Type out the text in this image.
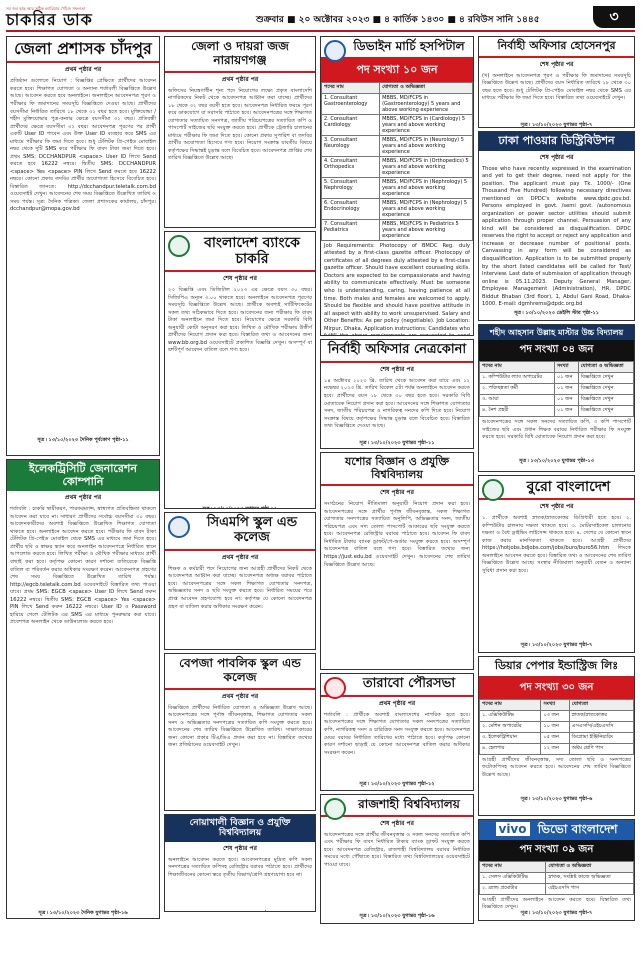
সব জব ছাড় আর সঠিক ক্যারিয়ার খোঁজে সফলতা
চাকরির ডাক	শুক্রবার ■ ২০ অক্টোবর ২০২৩ ■ ৪ কার্তিক ১৪৩০ ■ ৪ রবিউস সানি ১৪৪৫	৩
জেলা প্রশাসক চাঁদপুর
প্রথম পৃষ্ঠার পর
প্রতিষ্ঠান গুলোতে নিয়োগ : বিজ্ঞপ্তির প্রেক্ষিতে প্রার্থীদের আবেদন করতে হবে। শিক্ষাগত যোগ্যতা ও অন্যান্য শর্তাবলী বিজ্ঞপ্তিতে উল্লেখ আছে। আবেদন করতে হবে অনলাইনে। অনলাইনে আবেদনপত্র পূরণ ও পরীক্ষার ফি জমাদানের সময়সূচি বিজ্ঞপ্তিতে দেওয়া আছে। প্রার্থীদের বয়সসীমা নির্ধারিত তারিখে ১৮ থেকে ৩২ বছর হতে হবে। মুক্তিযোদ্ধা / শহীদ মুক্তিযোদ্ধার পুত্র-কন্যার ক্ষেত্রে বয়সসীমা ৩২ বছর। প্রতিবন্ধী প্রার্থীদের ক্ষেত্রে বয়সসীমা ৩২ বছর। আবেদনপত্র পূরণের পর প্রার্থী একটি User ID পাবেন এবং উক্ত User ID ব্যবহার করে SMS এর মাধ্যমে পরীক্ষার ফি জমা দিতে হবে। শুধু টেলিটক প্রি-পেইড মোবাইল নম্বর থেকে দুটি SMS করে পরীক্ষার ফি বাবদ টাকা জমা দিতে হবে। প্রথম SMS: DCCHANDPUR <space> User ID লিখে Send করতে হবে 16222 নম্বরে। দ্বিতীয় SMS: DCCHANDPUR <space> Yes <space> PIN লিখে Send করতে হবে 16222 নম্বরে। কোনো প্রকার তদবির প্রার্থীর অযোগ্যতা হিসেবে বিবেচিত হবে। বিস্তারিত জানতে: http://dcchandpur.teletalk.com.bd ওয়েবসাইট দেখুন। আবেদনের শেষ সময় বিজ্ঞপ্তিতে উল্লেখিত তারিখ ও সময় পর্যন্ত। সূত্র: দৈনিক পত্রিকা। জেলা প্রশাসকের কার্যালয়, চাঁদপুর। dcchandpur@mopa.gov.bd
সূত্র ৷ ১৩/১০/২০২৩ দৈনিক পূর্বকোণ পৃষ্ঠা-১১
ইলেকট্রিসিটি জেনারেশন কোম্পানি
প্রথম পৃষ্ঠার পর
শর্তাবলি : চাকরি স্থায়ীকরণ, পারফরম্যান্স, স্বাস্থ্যগত প্রতিবন্ধিতা থাকলে আবেদন করা যাবে না। সাধারণ প্রার্থীদের সর্বোচ্চ বয়সসীমা ৩০ বছর। আবেদনকারীদের অবশ্যই বিজ্ঞপ্তিতে উল্লেখিত শিক্ষাগত যোগ্যতা থাকতে হবে। অনলাইনে আবেদন করতে হবে। পরীক্ষার ফি বাবদ টাকা টেলিটক প্রি-পেইড মোবাইল থেকে SMS এর মাধ্যমে জমা দিতে হবে। প্রার্থীর ছবি ও স্বাক্ষর স্ক্যান করে অনলাইন আবেদনপত্রে নির্ধারিত স্থানে আপলোড করতে হবে। লিখিত পরীক্ষা ও মৌখিক পরীক্ষার মাধ্যমে প্রার্থী বাছাই করা হবে। কর্তৃপক্ষ কোনো কারণ দর্শানো ব্যতিরেকে বিজ্ঞপ্তি বাতিল বা পরিবর্তন করার অধিকার সংরক্ষণ করেন। আবেদনপত্র গ্রহণের শেষ সময় বিজ্ঞপ্তিতে উল্লেখিত তারিখ পর্যন্ত। http://egcb.teletalk.com.bd ওয়েবসাইটে বিস্তারিত তথ্য পাওয়া যাবে। প্রথম SMS: EGCB <space> User ID লিখে Send করুন 16222 নম্বরে। দ্বিতীয় SMS: EGCB <space> Yes <space> PIN লিখে Send করুন 16222 নম্বরে। User ID ও Password হারিয়ে গেলে টেলিটক এর SMS এর মাধ্যমে পুনরুদ্ধার করা যাবে। প্রবেশপত্র অনলাইন থেকে ডাউনলোড করতে হবে।
সূত্র ৷ ১৩/১০/২০২৩ দৈনিক যুগান্তর পৃষ্ঠা-১৬
জেলা ও দায়রা জজ নারায়ণগঞ্জ
প্রথম পৃষ্ঠার পর
অফিসের নিয়ন্ত্রণাধীন শূন্য পদে নিয়োগের লক্ষ্যে প্রকৃত বাংলাদেশি নাগরিকদের নিকট থেকে আবেদনপত্র আহ্বান করা যাচ্ছে। প্রার্থীদের ১৮ থেকে ৩২ বছর বয়সী হতে হবে। আবেদনপত্র নির্ধারিত ফরমে পূরণ করে ডাকযোগে বা সরাসরি পাঠাতে হবে। আবেদনপত্রের সঙ্গে শিক্ষাগত যোগ্যতার সত্যায়িত সনদপত্র, জাতীয় পরিচয়পত্রের সত্যায়িত কপি ও পাসপোর্ট সাইজের ছবি সংযুক্ত করতে হবে। প্রার্থীকে ট্রেজারি চালানের মাধ্যমে পরীক্ষার ফি জমা দিতে হবে। কোনো প্রকার সুপারিশ বা তদবির প্রার্থীর অযোগ্যতা হিসেবে গণ্য হবে। নিয়োগ সংক্রান্ত যাবতীয় বিষয়ে কর্তৃপক্ষের সিদ্ধান্তই চূড়ান্ত বলে বিবেচিত হবে। আবেদনপত্র প্রাপ্তির শেষ তারিখ বিজ্ঞপ্তিতে উল্লেখ আছে।
বাংলাদেশ ব্যাংকে চাকরি
শেষ পৃষ্ঠার পর
২৩ বিজ্ঞপ্তি এবং ডিজিটাল ২০২৩ এর ক্ষেত্রে বয়স ৩০ বছর। সিজিপিএ অন্যূন ৩.০০ থাকতে হবে। অনলাইনে আবেদনপত্র পূরণের সময়সূচি বিজ্ঞপ্তিতে উল্লেখ আছে। প্রার্থীকে অবশ্যই সার্টিফিকেটের সকল তথ্য সঠিকভাবে দিতে হবে। আবেদনের জন্য পরীক্ষার ফি বাবদ টাকা অনলাইনে জমা দিতে হবে। নিয়োগের ক্ষেত্রে সরকারি বিধি অনুযায়ী কোটা অনুসরণ করা হবে। লিখিত ও মৌখিক পরীক্ষায় উত্তীর্ণ প্রার্থীদের নিয়োগ প্রদান করা হবে। বিস্তারিত তথ্য ও আবেদনের জন্য www.bb.org.bd ওয়েবসাইটে প্রকাশিত বিজ্ঞপ্তি দেখুন। অসম্পূর্ণ বা ত্রুটিপূর্ণ আবেদন বাতিল বলে গণ্য হবে।
সিএমপি স্কুল এন্ড কলেজ
প্রথম পৃষ্ঠার পর
শিক্ষক ও কর্মচারী পদে নিয়োগের জন্য আগ্রহী প্রার্থীদের নিকট থেকে আবেদনপত্র আহ্বান করা যাচ্ছে। আবেদনপত্র অধ্যক্ষ বরাবর পাঠাতে হবে। আবেদনপত্রের সঙ্গে সকল শিক্ষাগত যোগ্যতার সনদপত্র, অভিজ্ঞতার সনদ ও ছবি সংযুক্ত করতে হবে। নির্ধারিত সময়ের পরে প্রাপ্ত আবেদন গ্রহণযোগ্য হবে না। কর্তৃপক্ষ যে কোনো আবেদনপত্র গ্রহণ বা বাতিল করার অধিকার সংরক্ষণ করেন।
বেপজা পাবলিক স্কুল এন্ড কলেজ
প্রথম পৃষ্ঠার পর
বিজ্ঞপ্তিতে প্রার্থীদের নির্ধারিত যোগ্যতা ও অভিজ্ঞতা উল্লেখ আছে। আবেদনপত্রের সঙ্গে পূর্ণাঙ্গ জীবনবৃত্তান্ত, শিক্ষাগত যোগ্যতার সকল সনদ ও অভিজ্ঞতার সনদপত্রের সত্যায়িত কপি সংযুক্ত করতে হবে। আবেদনের শেষ তারিখ বিজ্ঞপ্তিতে উল্লেখিত তারিখ। সাক্ষাৎকারের জন্য কোনো প্রকার টিএ/ডিএ প্রদান করা হবে না। বিস্তারিত তথ্যের জন্য প্রতিষ্ঠানের ওয়েবসাইট দেখুন।
নোয়াখালী বিজ্ঞান ও প্রযুক্তি বিশ্ববিদ্যালয়
শেষ পৃষ্ঠার পর
অনলাইনে আবেদন করতে হবে। আবেদনপত্রের মুদ্রিত কপি সকল সনদপত্রের সত্যায়িত কপিসহ রেজিস্ট্রার বরাবর পাঠাতে হবে। প্রার্থীদের শিক্ষাজীবনের কোনো স্তরে তৃতীয় বিভাগ/শ্রেণি গ্রহণযোগ্য হবে না।
ডিভাইন মার্চি হসপিটাল
পদ সংখ্যা ১০ জন
পদের নাম	যোগ্যতা ও অভিজ্ঞতা
1. Consultant Gastroenterology	MBBS, MD/FCPS in (Gastroenterology) 5 years and above working experience
2. Consultant Cardiology	MBBS, MD/FCPS in (Cardiology) 5 years and above working experience
3. Consultant Neurology	MBBS, MD/FCPS in (Neurology) 5 years and above working experience
4. Consultant Orthopedics	MBBS, MD/FCPS in (Orthopedics) 5 years and above working experience
5. Consultant Nephrology	MBBS, MD/FCPS in (Nephrology) 5 years and above working experience
6. Consultant Endocrinology	MBBS, MD/FCPS in (Nephrology) 5 years and above working experience
7. Consultant Pediatrics	MBBS, MD/FCPS in Pediatrics 5 years and above working experience
Job Requirements: Photocopy of BMDC Reg. duly attested by a first-class gazette officer. Photocopy of certificates of all degrees duly attested by a first-class gazette officer. Should have excellent counseling skills. Doctors are expected to be compassionate and having ability to communicate effectively. Must be someone who is understanding, caring, having patience at all time. Both males and females are welcomed to apply. Should be flexible and should have positive attitude in all aspect with ability to work unsupervised. Salary and Other Benefits: As per policy (negotiable). Job Location: Mirpur, Dhaka. Application instructions: Candidates who
নির্বাহী অফিসার নেত্রকোনা
শেষ পৃষ্ঠার পর
১৪ অক্টোবর ২০২৩ খ্রি. তারিখ থেকে আবেদন করা যাবে এবং ১২ নভেম্বর ২০২৩ খ্রি. তারিখ বিকেল ৫টা পর্যন্ত অনলাইনে আবেদন করতে হবে। প্রার্থীদের বয়স ১৮ থেকে ৩০ বছর হতে হবে। সরকারি বিধি মোতাবেক নিয়োগ প্রদান করা হবে। আবেদনের সঙ্গে শিক্ষাগত যোগ্যতার সনদ, জাতীয় পরিচয়পত্র ও নাগরিকত্ব সনদের কপি দিতে হবে। নিয়োগ সংক্রান্ত বিষয়ে কর্তৃপক্ষের সিদ্ধান্ত চূড়ান্ত বলে বিবেচিত হবে। বিস্তারিত তথ্য বিজ্ঞপ্তিতে দেওয়া আছে।
সূত্র ৷ ১৩/১০/২০২৩ যুগান্তর পৃষ্ঠা-১১
যশোর বিজ্ঞান ও প্রযুক্তি বিশ্ববিদ্যালয়
শেষ পৃষ্ঠার পর
সংগঠনের নিয়োগ নীতিমালা অনুযায়ী নিয়োগ প্রদান করা হবে। আবেদনপত্রের সঙ্গে প্রার্থীর পূর্ণাঙ্গ জীবনবৃত্তান্ত, সকল শিক্ষাগত যোগ্যতার সনদপত্রের সত্যায়িত অনুলিপি, অভিজ্ঞতার সনদ, জাতীয় পরিচয়পত্র এবং সদ্য তোলা পাসপোর্ট আকারের ছবি সংযুক্ত করতে হবে। আবেদনপত্র রেজিস্ট্রার বরাবর পাঠাতে হবে। আবেদন ফি বাবদ নির্ধারিত টাকার ব্যাংক ড্রাফট/পে-অর্ডার সংযুক্ত করতে হবে। অসম্পূর্ণ আবেদনপত্র বাতিল বলে গণ্য হবে। বিস্তারিত তথ্যের জন্য https://just.edu.bd ওয়েবসাইট দেখুন। আবেদনের শেষ তারিখ বিজ্ঞপ্তিতে উল্লেখ আছে।
তারাবো পৌরসভা
প্রথম পৃষ্ঠার পর
শর্তাবলি : প্রার্থীকে অবশ্যই বাংলাদেশের নাগরিক হতে হবে। আবেদনপত্রের সঙ্গে শিক্ষাগত যোগ্যতার সকল সনদপত্রের সত্যায়িত কপি, নাগরিকত্ব সনদ ও চারিত্রিক সনদ সংযুক্ত করতে হবে। আবেদনপত্র মেয়র বরাবর নির্ধারিত তারিখের মধ্যে পাঠাতে হবে। কর্তৃপক্ষ কোনো কারণ দর্শানো ছাড়াই যে কোনো আবেদনপত্র বাতিল করার অধিকার সংরক্ষণ করেন।
সূত্র ৷ ১৩/১০/২০২৩ যুগান্তর পৃষ্ঠা-১২
রাজশাহী বিশ্ববিদ্যালয়
শেষ পৃষ্ঠার পর
আবেদনপত্রের সঙ্গে প্রার্থীর জীবনবৃত্তান্ত ও সকল সনদের সত্যায়িত কপি এবং পরীক্ষার ফি বাবদ নির্ধারিত টাকার ব্যাংক ড্রাফট সংযুক্ত করতে হবে। আবেদনপত্র রেজিস্ট্রার, রাজশাহী বিশ্ববিদ্যালয় বরাবর নির্ধারিত সময়ের মধ্যে পৌঁছাতে হবে। বিস্তারিত তথ্য বিশ্ববিদ্যালয়ের ওয়েবসাইটে পাওয়া যাবে।
সূত্র ৷ ১৩/১০/২০২৩ যুগান্তর পৃষ্ঠা-১৬
নির্বাহী অফিসার হোসেনপুর
শেষ পৃষ্ঠার পর
(খ) অনলাইনে আবেদনপত্র পূরণ ও পরীক্ষার ফি জমাদানের সময়সূচি বিজ্ঞপ্তিতে উল্লেখ আছে। প্রার্থীদের বয়স নির্ধারিত তারিখে ১৮ থেকে ৩০ বছর হতে হবে। শুধু টেলিটক প্রি-পেইড মোবাইল নম্বর থেকে SMS এর মাধ্যমে পরীক্ষার ফি জমা দিতে হবে। বিস্তারিত তথ্য ওয়েবসাইটে দেখুন।
সূত্র ৷ ১৩/১০/২০২৩ যুগান্তর পৃষ্ঠা-৭
ঢাকা পাওয়ার ডিস্ট্রিবিউশন
শেষ পৃষ্ঠার পর
Those who have recently expressed in the examination and yet to get their degree, need not apply for the position. The applicant must pay Tk. 1000/- (One Thousand Five Hundred) following necessary directives mentioned on DPDC's website www.dpdc.gov.bd. Persons employed in govt. /semi govt. /autonomous organization or power sector utilities should submit application through proper channel. Persuasion of any kind will be considered as disqualification. DPDC reserves the right to accept or reject any application and increase or decrease number of positional posts. Canvassing in any form will be considered as disqualification. Application is to be submitted properly by the short listed candidates will be called for Test/ Interview. Last date of submission of application through online is 05.11.2023. Deputy General Manager, Employee Management (Administration), HR, DPDC Biddut Bhaban (3rd floor), 1, Abdul Gani Road, Dhaka-1000. E-mail: dgmhrems@dpdc.org.bd
সূত্র ৷ ১৩/১০/২০২৩ ডেইলি স্টার পৃষ্ঠা-১১
শহীদ আহসান উল্লাহ মাস্টার উচ্চ বিদ্যালয়
পদ সংখ্যা ০৪ জন
পদের নাম	সংখ্যা	যোগ্যতা ও অভিজ্ঞতা
১. কম্পিউটার ল্যাব অপারেটর	০১ জন	বিজ্ঞপ্তিতে দেখুন
২. পরিচ্ছন্নতা কর্মী	০১ জন	বিজ্ঞপ্তিতে দেখুন
৩. আয়া	০১ জন	বিজ্ঞপ্তিতে দেখুন
৪. নৈশ প্রহরী	০১ জন	বিজ্ঞপ্তিতে দেখুন
আবেদনপত্রের সঙ্গে সকল সনদের সত্যায়িত কপি, ৩ কপি পাসপোর্ট সাইজের ছবি এবং প্রধান শিক্ষক বরাবর নির্ধারিত পরীক্ষার ফি সংযুক্ত করতে হবে। সরকারি বিধি মোতাবেক নিয়োগ প্রদান করা হবে।
সূত্র ৷ ১৩/১০/২০২৩ যুগান্তর পৃষ্ঠা-১৩
বুরো বাংলাদেশ
শেষ পৃষ্ঠার পর
১. প্রার্থীকে অবশ্যই স্নাতক/স্নাতকোত্তর ডিগ্রিধারী হতে হবে। ২. কম্পিউটার চালনায় দক্ষতা থাকতে হবে। ৩. মোটরসাইকেল চালানোর দক্ষতা ও বৈধ ড্রাইভিং লাইসেন্স থাকতে হবে। ৪. দেশের যে কোনো স্থানে কাজ করার মানসিকতা থাকতে হবে। আগ্রহী প্রার্থীদের https://hotjobs.bdjobs.com/jobs/buro/buro56.htm লিংকে অনলাইনে আবেদন করতে হবে। বিস্তারিত তথ্য ও আবেদনের শেষ তারিখ বিজ্ঞপ্তিতে উল্লেখ আছে। সংস্থার নীতিমালা অনুযায়ী বেতন ও অন্যান্য সুবিধা প্রদান করা হবে।
সূত্র ৷ ১৩/১০/২০২৩ যুগান্তর পৃষ্ঠা-৭
ডিয়ার পেপার ইন্ডাস্ট্রিজ লিঃ
পদ সংখ্যা ৩০ জন
পদের নাম	সংখ্যা	যোগ্যতা
১. এক্সিকিউটিভ	০৩ জন	স্নাতক/স্নাতকোত্তর
২. মেশিন অপারেটর	১০ জন	এসএসসি/এইচএসসি
৩. ইলেকট্রিশিয়ান	০৫ জন	ডিপ্লোমা ইঞ্জিনিয়ারিং
৪. হেলপার	১২ জন	অষ্টম শ্রেণি পাস
আগ্রহী প্রার্থীদের জীবনবৃত্তান্ত, সদ্য তোলা ছবি ও সনদপত্রের ফটোকপিসহ আবেদন করতে হবে। আবেদনের শেষ তারিখ বিজ্ঞপ্তিতে উল্লেখ আছে।
সূত্র ৷ ১৩/১০/২০২৩ যুগান্তর পৃষ্ঠা-৬
vivo ভিভো বাংলাদেশ
পদ সংখ্যা ০৯ জন
পদের নাম	যোগ্যতা ও অভিজ্ঞতা
১. সেলস এক্সিকিউটিভ	স্নাতক, সংশ্লিষ্ট কাজে অভিজ্ঞতা
২. ব্র্যান্ড প্রমোটার	এইচএসসি পাস
আগ্রহী প্রার্থীদের অনলাইনে আবেদন করতে হবে। বিস্তারিত তথ্য বিজ্ঞপ্তিতে দেখুন।
সূত্র ৷ ১৩/১০/২০২৩ যুগান্তর পৃষ্ঠা-৭
